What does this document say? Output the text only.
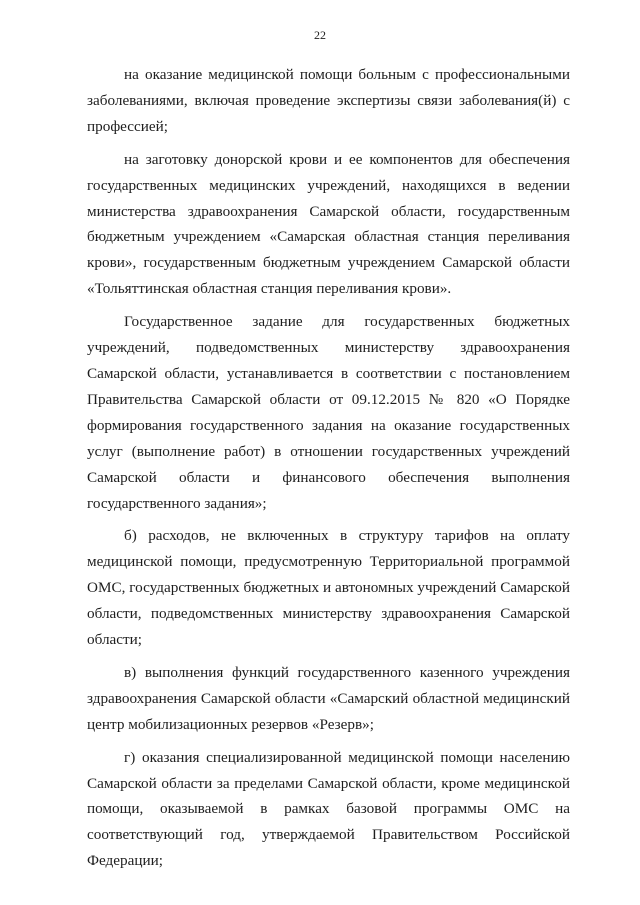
22

на оказание медицинской помощи больным с профессиональными заболеваниями, включая проведение экспертизы связи заболевания(й) с профессией;

на заготовку донорской крови и ее компонентов для обеспечения государственных медицинских учреждений, находящихся в ведении министерства здравоохранения Самарской области, государственным бюджетным учреждением «Самарская областная станция переливания крови», государственным бюджетным учреждением Самарской области «Тольяттинская областная станция переливания крови».

Государственное задание для государственных бюджетных учреждений, подведомственных министерству здравоохранения Самарской области, устанавливается в соответствии с постановлением Правительства Самарской области от 09.12.2015 № 820 «О Порядке формирования государственного задания на оказание государственных услуг (выполнение работ) в отношении государственных учреждений Самарской области и финансового обеспечения выполнения государственного задания»;

б) расходов, не включенных в структуру тарифов на оплату медицинской помощи, предусмотренную Территориальной программой ОМС, государственных бюджетных и автономных учреждений Самарской области, подведомственных министерству здравоохранения Самарской области;

в) выполнения функций государственного казенного учреждения здравоохранения Самарской области «Самарский областной медицинский центр мобилизационных резервов «Резерв»;

г) оказания специализированной медицинской помощи населению Самарской области за пределами Самарской области, кроме медицинской помощи, оказываемой в рамках базовой программы ОМС на соответствующий год, утверждаемой Правительством Российской Федерации;
